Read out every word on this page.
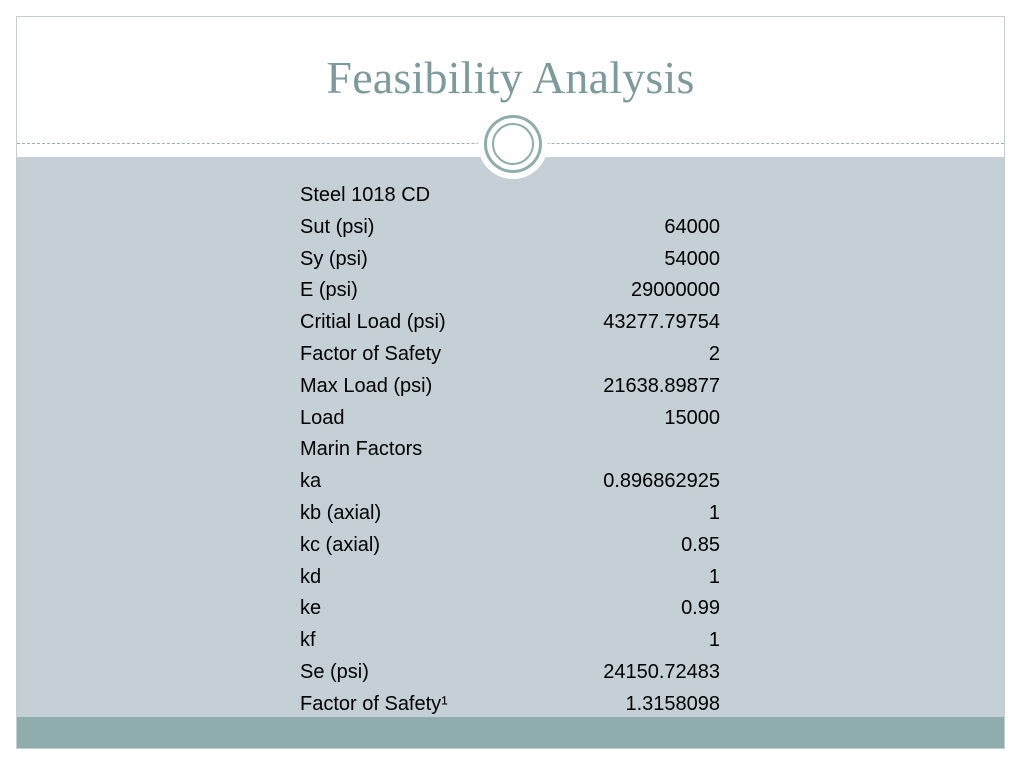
Feasibility Analysis
Steel 1018 CD
Sut (psi)	64000
Sy (psi)	54000
E (psi)	29000000
Critial Load (psi)	43277.79754
Factor of Safety	2
Max Load (psi)	21638.89877
Load	15000
Marin Factors
ka	0.896862925
kb (axial)	1
kc (axial)	0.85
kd	1
ke	0.99
kf	1
Se (psi)	24150.72483
Factor of Safety¹	1.3158098
